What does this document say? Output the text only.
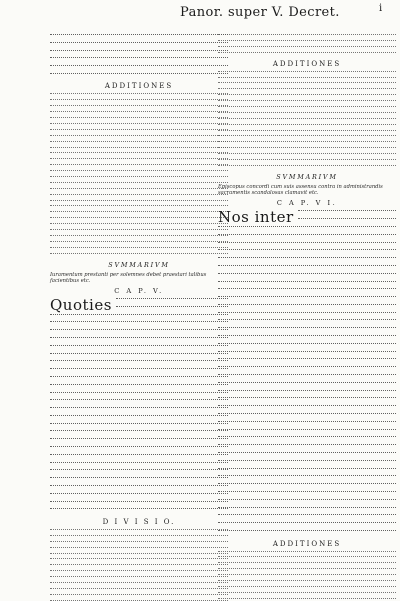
Panor. super V. Decret.	i
ADDITIONES
SVMMARIVM
Iuramentum prestanti per solemnes debet praestari talibus facientibus etc.
C A P. V.
Quoties
D I V I S I O.
ADDITIONES
SVMMARIVM
Episcopus concordi cum suis assensu contra in administrandis sacramentis scandalosas clamavit etc.
C A P. V I.
Nos inter
ADDITIONES
